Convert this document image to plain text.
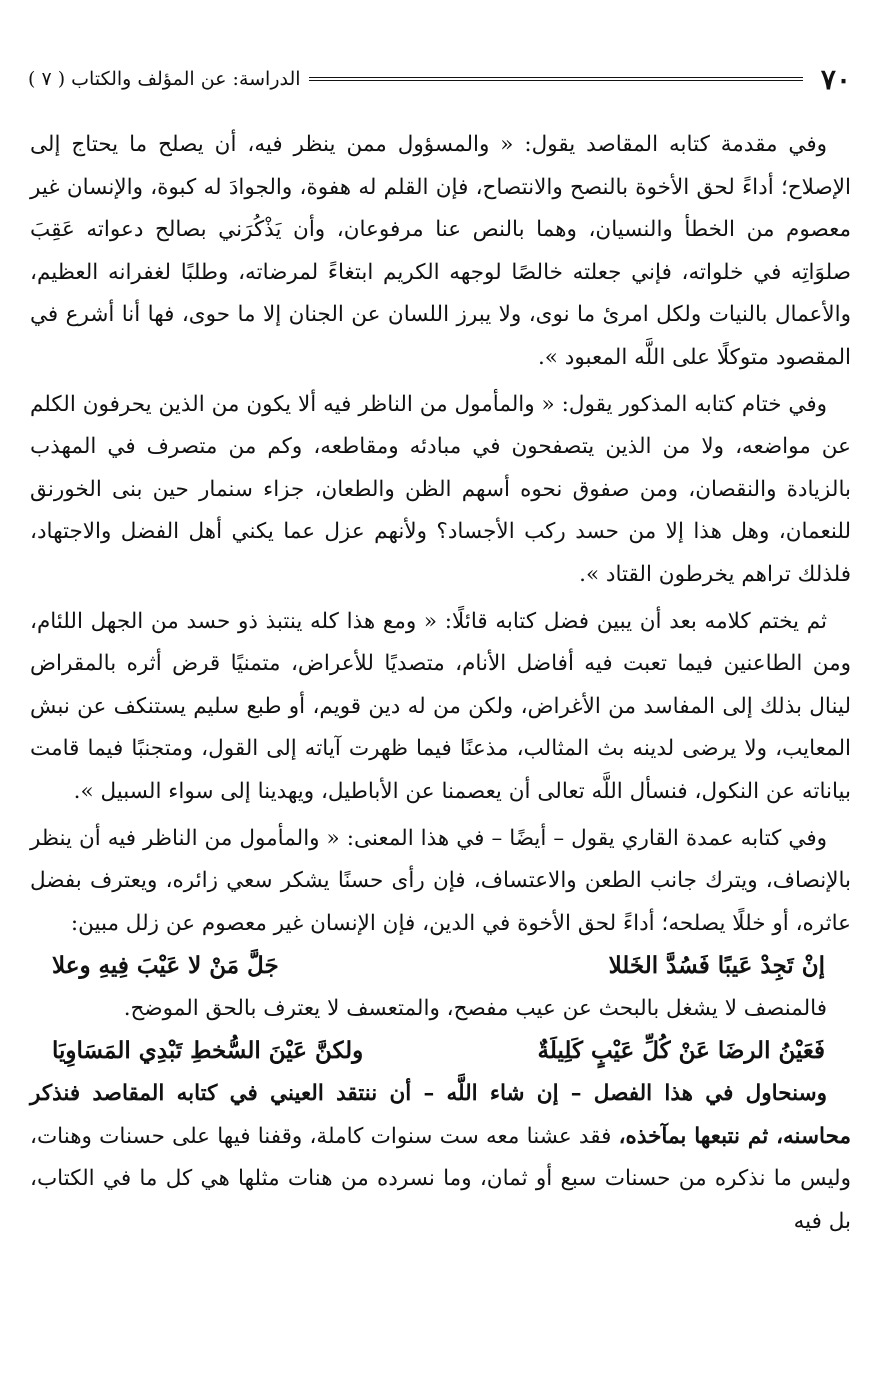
٧٠
الدراسة: عن المؤلف والكتاب ( ٧ )

وفي مقدمة كتابه المقاصد يقول: « والمسؤول ممن ينظر فيه، أن يصلح ما يحتاج إلى الإصلاح؛ أداءً لحق الأخوة بالنصح والانتصاح، فإن القلم له هفوة، والجوادَ له كبوة، والإنسان غير معصوم من الخطأ والنسيان، وهما بالنص عنا مرفوعان، وأن يَذْكُرَني بصالح دعواته عَقِبَ صلوَاتِه في خلواته، فإني جعلته خالصًا لوجهه الكريم ابتغاءً لمرضاته، وطلبًا لغفرانه العظيم، والأعمال بالنيات ولكل امرئ ما نوى، ولا يبرز اللسان عن الجنان إلا ما حوى، فها أنا أشرع في المقصود متوكلًا على اللَّه المعبود ».

وفي ختام كتابه المذكور يقول: « والمأمول من الناظر فيه ألا يكون من الذين يحرفون الكلم عن مواضعه، ولا من الذين يتصفحون في مبادئه ومقاطعه، وكم من متصرف في المهذب بالزيادة والنقصان، ومن صفوق نحوه أسهم الظن والطعان، جزاء سنمار حين بنى الخورنق للنعمان، وهل هذا إلا من حسد ركب الأجساد؟ ولأنهم عزل عما يكني أهل الفضل والاجتهاد، فلذلك تراهم يخرطون القتاد ».

ثم يختم كلامه بعد أن يبين فضل كتابه قائلًا: « ومع هذا كله ينتبذ ذو حسد من الجهل اللئام، ومن الطاعنين فيما تعبت فيه أفاضل الأنام، متصديًا للأعراض، متمنيًا قرض أثره بالمقراض لينال بذلك إلى المفاسد من الأغراض، ولكن من له دين قويم، أو طبع سليم يستنكف عن نبش المعايب، ولا يرضى لدينه بث المثالب، مذعنًا فيما ظهرت آياته إلى القول، ومتجنبًا فيما قامت بياناته عن النكول، فنسأل اللَّه تعالى أن يعصمنا عن الأباطيل، ويهدينا إلى سواء السبيل ».

وفي كتابه عمدة القاري يقول – أيضًا – في هذا المعنى: « والمأمول من الناظر فيه أن ينظر بالإنصاف، ويترك جانب الطعن والاعتساف، فإن رأى حسنًا يشكر سعي زائره، ويعترف بفضل عاثره، أو خللًا يصلحه؛ أداءً لحق الأخوة في الدين، فإن الإنسان غير معصوم عن زلل مبين:

إنْ تَجِدْ عَيبًا فَسُدَّ الخَللا
جَلَّ مَنْ لا عَيْبَ فِيهِ وعلا

فالمنصف لا يشغل بالبحث عن عيب مفصح، والمتعسف لا يعترف بالحق الموضح.

فَعَيْنُ الرضَا عَنْ كُلِّ عَيْبٍ كَلِيلَةٌ
ولكنَّ عَيْنَ السُّخطِ تَبْدِي المَسَاوِيَا

وسنحاول في هذا الفصل – إن شاء اللَّه – أن ننتقد العيني في كتابه المقاصد فنذكر محاسنه، ثم نتبعها بمآخذه، فقد عشنا معه ست سنوات كاملة، وقفنا فيها على حسنات وهنات، وليس ما نذكره من حسنات سبع أو ثمان، وما نسرده من هنات مثلها هي كل ما في الكتاب، بل فيه
